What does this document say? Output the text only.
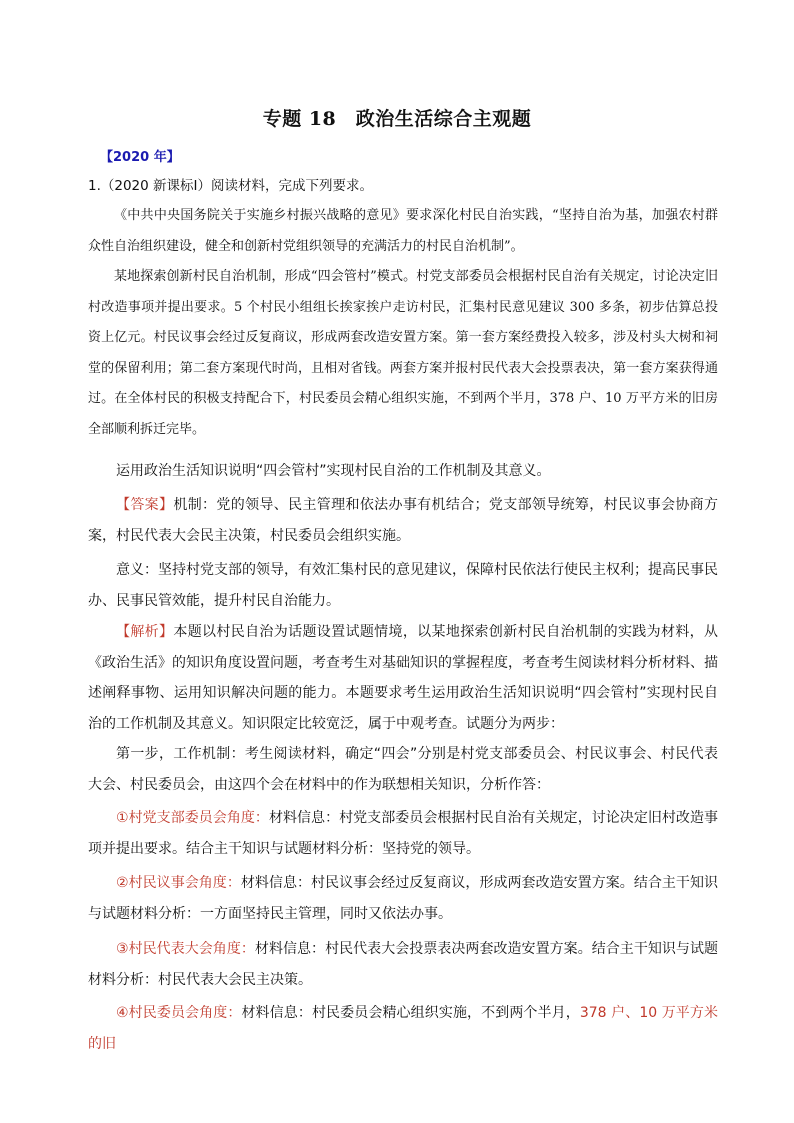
专题 18　政治生活综合主观题
【2020 年】
1.（2020 新课标Ⅰ）阅读材料，完成下列要求。
《中共中央国务院关于实施乡村振兴战略的意见》要求深化村民自治实践，“坚持自治为基，加强农村群众性自治组织建设，健全和创新村党组织领导的充满活力的村民自治机制”。
某地探索创新村民自治机制，形成“四会管村”模式。村党支部委员会根据村民自治有关规定，讨论决定旧村改造事项并提出要求。5 个村民小组组长挨家挨户走访村民，汇集村民意见建议 300 多条，初步估算总投资上亿元。村民议事会经过反复商议，形成两套改造安置方案。第一套方案经费投入较多，涉及村头大树和祠堂的保留利用；第二套方案现代时尚，且相对省钱。两套方案并报村民代表大会投票表决，第一套方案获得通过。在全体村民的积极支持配合下，村民委员会精心组织实施，不到两个半月，378 户、10 万平方米的旧房全部顺利拆迁完毕。
运用政治生活知识说明“四会管村”实现村民自治的工作机制及其意义。
【答案】机制：党的领导、民主管理和依法办事有机结合；党支部领导统筹，村民议事会协商方案，村民代表大会民主决策，村民委员会组织实施。
意义：坚持村党支部的领导，有效汇集村民的意见建议，保障村民依法行使民主权利；提高民事民办、民事民管效能，提升村民自治能力。
【解析】本题以村民自治为话题设置试题情境，以某地探索创新村民自治机制的实践为材料，从《政治生活》的知识角度设置问题，考查考生对基础知识的掌握程度，考查考生阅读材料分析材料、描述阐释事物、运用知识解决问题的能力。本题要求考生运用政治生活知识说明“四会管村”实现村民自治的工作机制及其意义。知识限定比较宽泛，属于中观考查。试题分为两步：
第一步，工作机制：考生阅读材料，确定“四会”分别是村党支部委员会、村民议事会、村民代表大会、村民委员会，由这四个会在材料中的作为联想相关知识，分析作答：
①村党支部委员会角度：材料信息：村党支部委员会根据村民自治有关规定，讨论决定旧村改造事项并提出要求。结合主干知识与试题材料分析：坚持党的领导。
②村民议事会角度：材料信息：村民议事会经过反复商议，形成两套改造安置方案。结合主干知识与试题材料分析：一方面坚持民主管理，同时又依法办事。
③村民代表大会角度：材料信息：村民代表大会投票表决两套改造安置方案。结合主干知识与试题材料分析：村民代表大会民主决策。
④村民委员会角度：材料信息：村民委员会精心组织实施，不到两个半月，378 户、10 万平方米的旧
